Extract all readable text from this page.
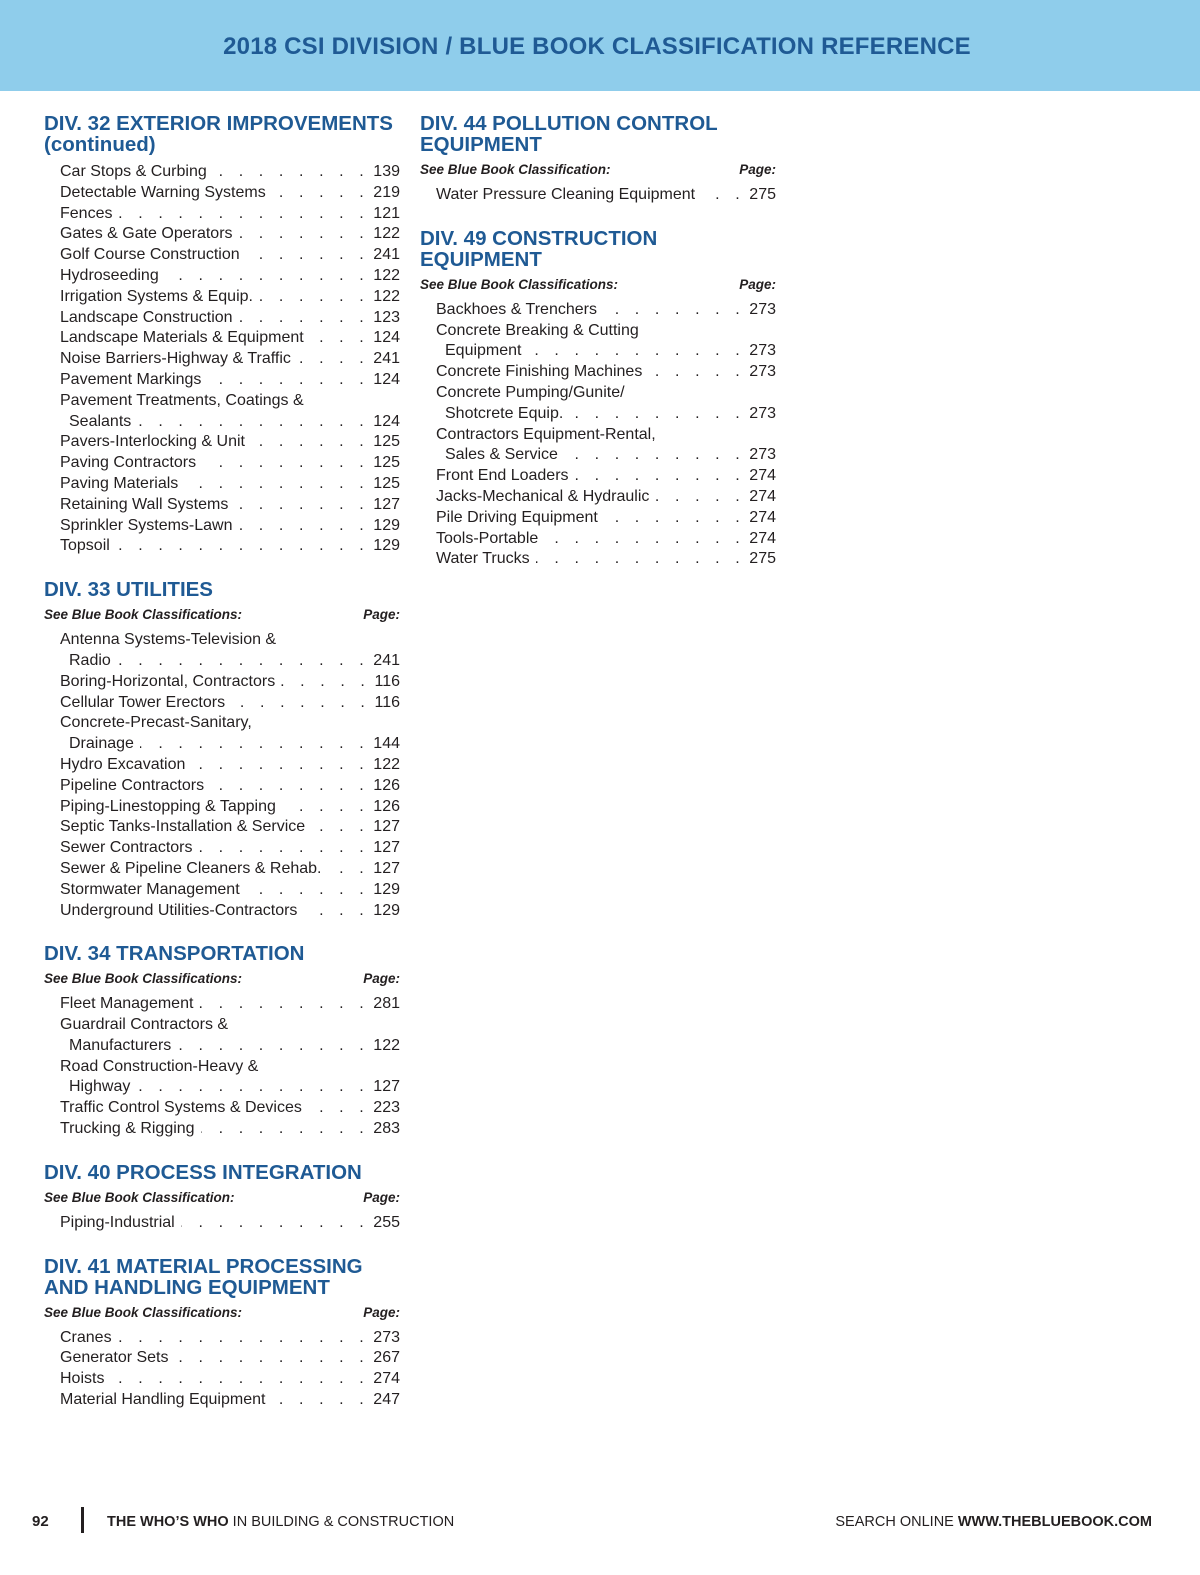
2018 CSI DIVISION / BLUE BOOK CLASSIFICATION REFERENCE
DIV. 32 EXTERIOR IMPROVEMENTS
(continued)
Car Stops & Curbing . . .	139
Detectable Warning Systems . . .	219
Fences . . .	121
Gates & Gate Operators . . .	122
Golf Course Construction . . .	241
Hydroseeding . . .	122
Irrigation Systems & Equip. . . .	122
Landscape Construction . . .	123
Landscape Materials & Equipment . . .	124
Noise Barriers-Highway & Traffic . . .	241
Pavement Markings . . .	124
Pavement Treatments, Coatings &
Sealants . . .	124
Pavers-Interlocking & Unit . . .	125
Paving Contractors . . .	125
Paving Materials . . .	125
Retaining Wall Systems . . .	127
Sprinkler Systems-Lawn . . .	129
Topsoil . . .	129
DIV. 33 UTILITIES
See Blue Book Classifications:	Page:
Antenna Systems-Television &
Radio . . .	241
Boring-Horizontal, Contractors . . .	116
Cellular Tower Erectors . . .	116
Concrete-Precast-Sanitary,
Drainage . . .	144
Hydro Excavation . . .	122
Pipeline Contractors . . .	126
Piping-Linestopping & Tapping . . .	126
Septic Tanks-Installation & Service . . .	127
Sewer Contractors . . .	127
Sewer & Pipeline Cleaners & Rehab. . . .	127
Stormwater Management . . .	129
Underground Utilities-Contractors . . .	129
DIV. 34 TRANSPORTATION
See Blue Book Classifications:	Page:
Fleet Management . . .	281
Guardrail Contractors &
Manufacturers . . .	122
Road Construction-Heavy &
Highway . . .	127
Traffic Control Systems & Devices . . .	223
Trucking & Rigging . . .	283
DIV. 40 PROCESS INTEGRATION
See Blue Book Classification:	Page:
Piping-Industrial . . .	255
DIV. 41 MATERIAL PROCESSING
AND HANDLING EQUIPMENT
See Blue Book Classifications:	Page:
Cranes . . .	273
Generator Sets . . .	267
Hoists . . .	274
Material Handling Equipment . . .	247
DIV. 44 POLLUTION CONTROL
EQUIPMENT
See Blue Book Classification:	Page:
Water Pressure Cleaning Equipment . . .	275
DIV. 49 CONSTRUCTION
EQUIPMENT
See Blue Book Classifications:	Page:
Backhoes & Trenchers . . .	273
Concrete Breaking & Cutting
Equipment . . .	273
Concrete Finishing Machines . . .	273
Concrete Pumping/Gunite/
Shotcrete Equip. . . .	273
Contractors Equipment-Rental,
Sales & Service . . .	273
Front End Loaders . . .	274
Jacks-Mechanical & Hydraulic . . .	274
Pile Driving Equipment . . .	274
Tools-Portable . . .	274
Water Trucks . . .	275
92	THE WHO’S WHO IN BUILDING & CONSTRUCTION	SEARCH ONLINE WWW.THEBLUEBOOK.COM
